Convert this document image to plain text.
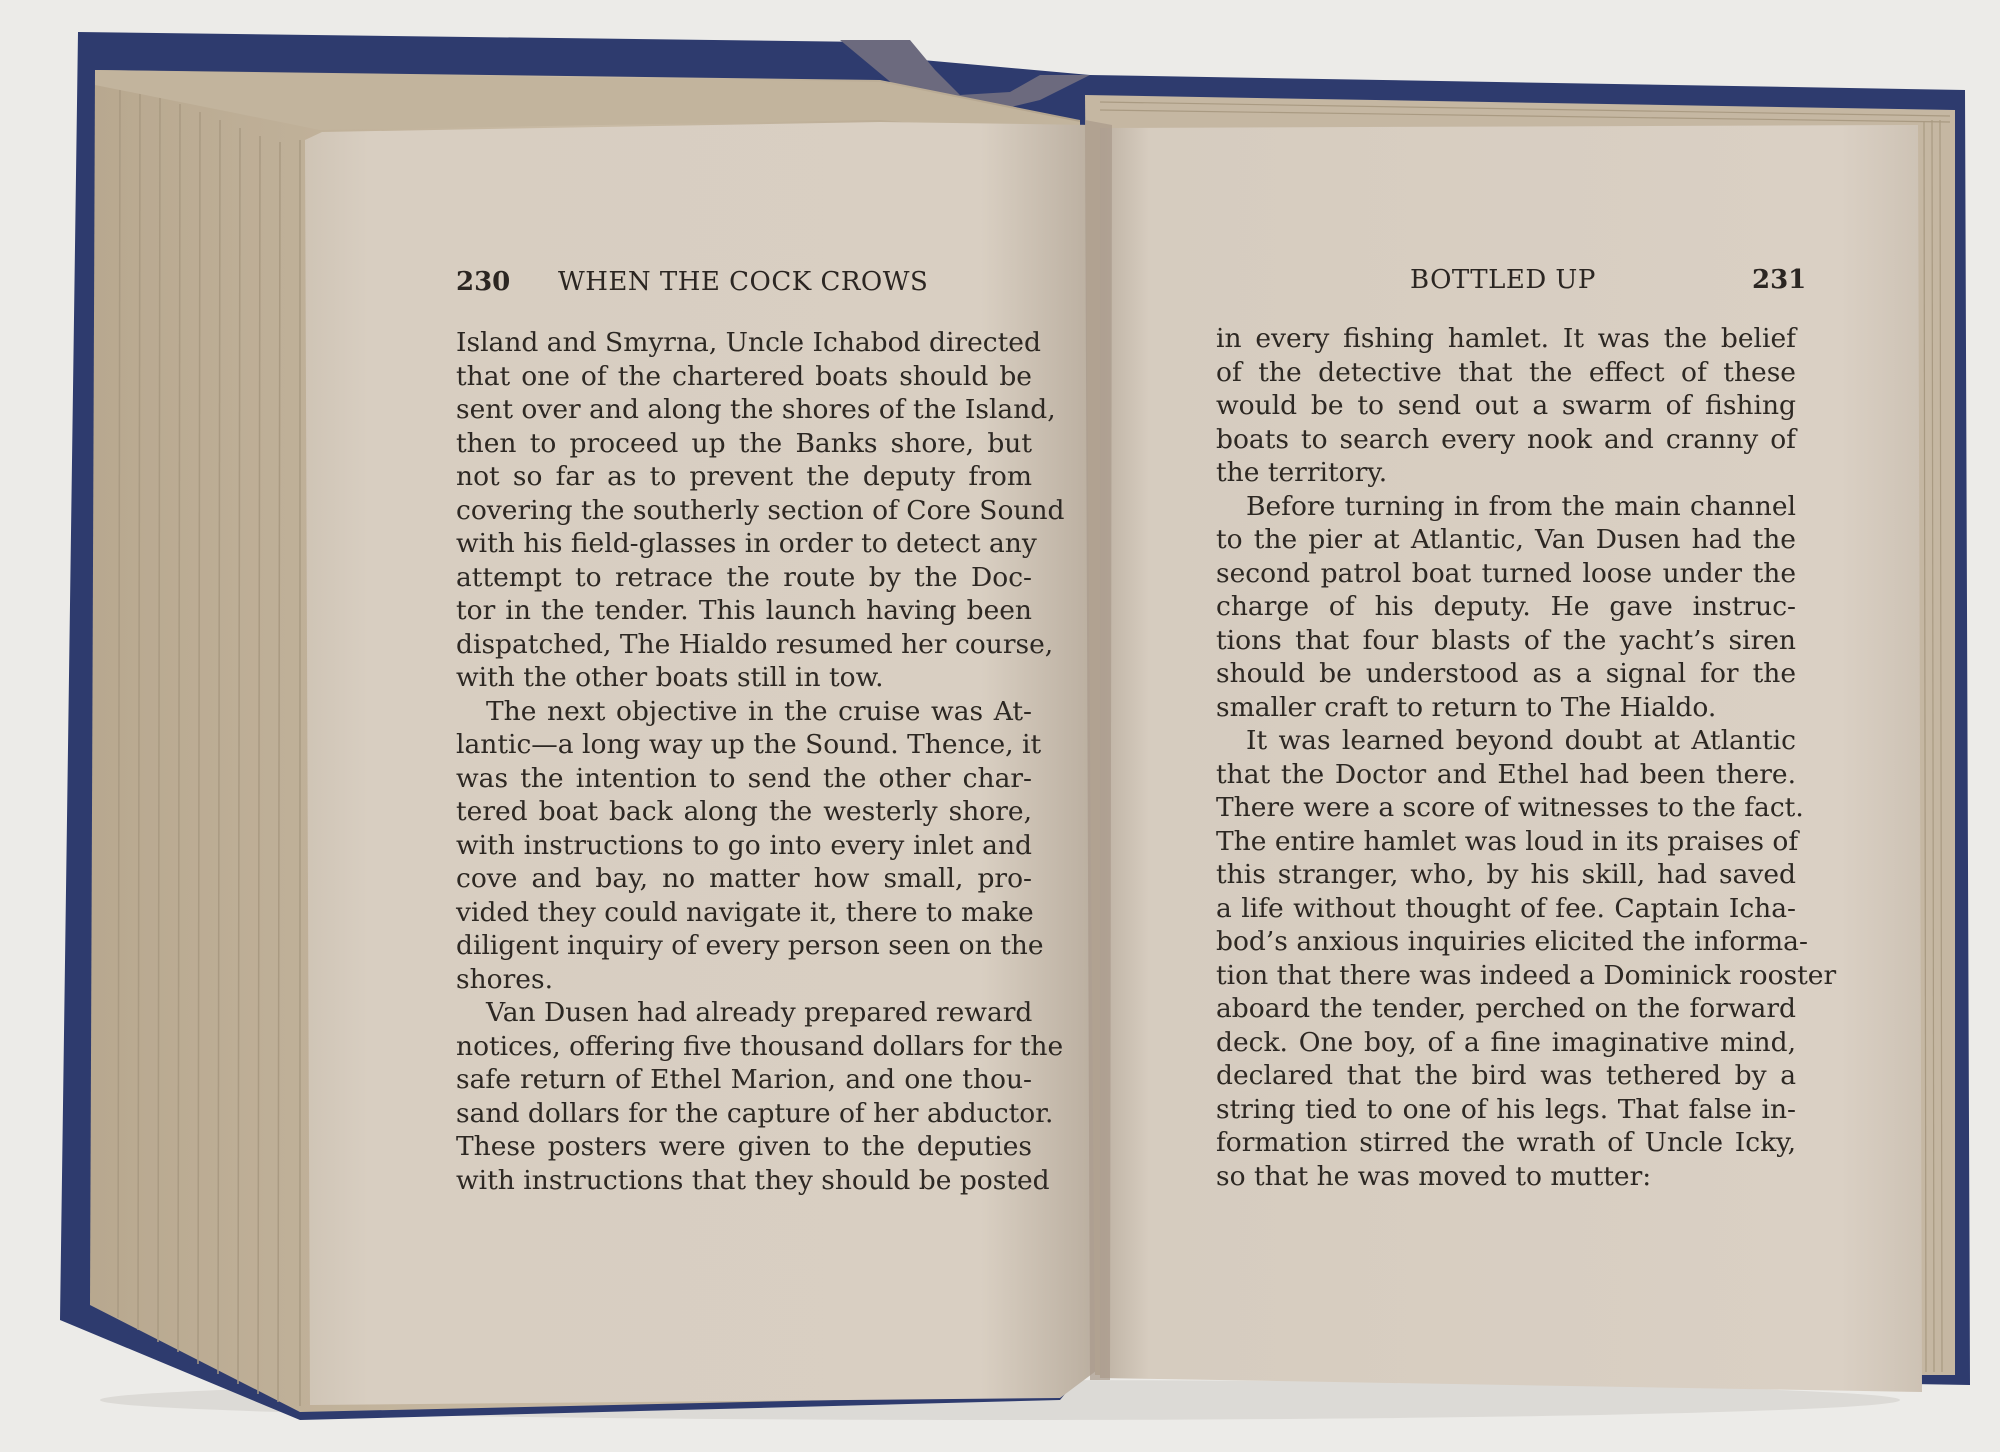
230 WHEN THE COCK CROWS	BOTTLED UP	231
Island and Smyrna, Uncle Ichabod directed
that one of the chartered boats should be
sent over and along the shores of the Island,
then to proceed up the Banks shore, but
not so far as to prevent the deputy from
covering the southerly section of Core Sound
with his field-glasses in order to detect any
attempt to retrace the route by the Doc-
tor in the tender. This launch having been
dispatched, The Hialdo resumed her course,
with the other boats still in tow.
The next objective in the cruise was At-
lantic—a long way up the Sound. Thence, it
was the intention to send the other char-
tered boat back along the westerly shore,
with instructions to go into every inlet and
cove and bay, no matter how small, pro-
vided they could navigate it, there to make
diligent inquiry of every person seen on the
shores.
Van Dusen had already prepared reward
notices, offering five thousand dollars for the
safe return of Ethel Marion, and one thou-
sand dollars for the capture of her abductor.
These posters were given to the deputies
with instructions that they should be posted
in every fishing hamlet. It was the belief
of the detective that the effect of these
would be to send out a swarm of fishing
boats to search every nook and cranny of
the territory.
Before turning in from the main channel
to the pier at Atlantic, Van Dusen had the
second patrol boat turned loose under the
charge of his deputy. He gave instruc-
tions that four blasts of the yacht’s siren
should be understood as a signal for the
smaller craft to return to The Hialdo.
It was learned beyond doubt at Atlantic
that the Doctor and Ethel had been there.
There were a score of witnesses to the fact.
The entire hamlet was loud in its praises of
this stranger, who, by his skill, had saved
a life without thought of fee. Captain Icha-
bod’s anxious inquiries elicited the informa-
tion that there was indeed a Dominick rooster
aboard the tender, perched on the forward
deck. One boy, of a fine imaginative mind,
declared that the bird was tethered by a
string tied to one of his legs. That false in-
formation stirred the wrath of Uncle Icky,
so that he was moved to mutter:
